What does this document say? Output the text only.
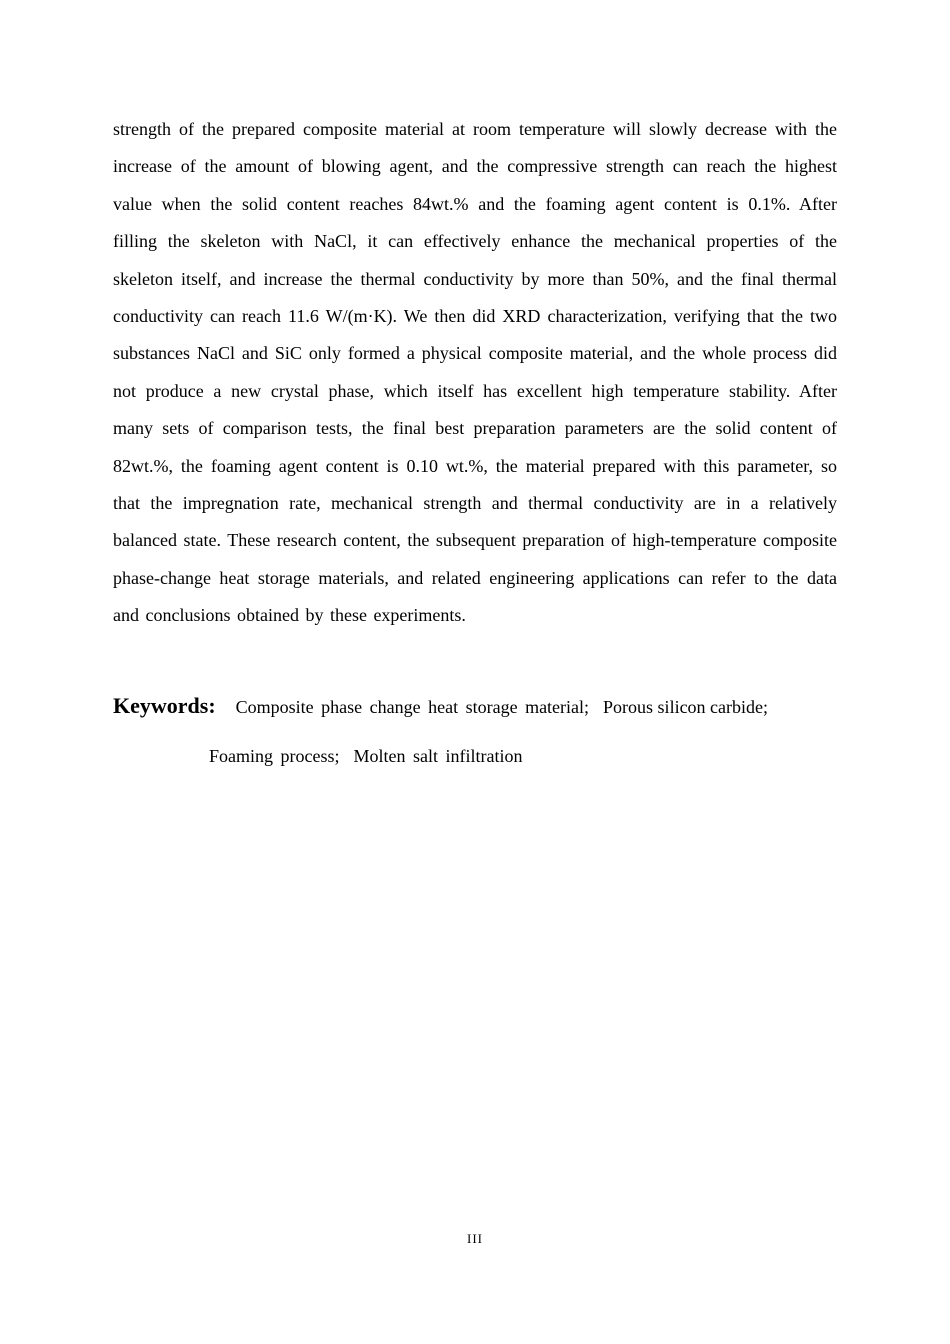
strength of the prepared composite material at room temperature will slowly decrease with the increase of the amount of blowing agent, and the compressive strength can reach the highest value when the solid content reaches 84wt.% and the foaming agent content is 0.1%. After filling the skeleton with NaCl, it can effectively enhance the mechanical properties of the skeleton itself, and increase the thermal conductivity by more than 50%, and the final thermal conductivity can reach 11.6 W/(m·K). We then did XRD characterization, verifying that the two substances NaCl and SiC only formed a physical composite material, and the whole process did not produce a new crystal phase, which itself has excellent high temperature stability. After many sets of comparison tests, the final best preparation parameters are the solid content of 82wt.%, the foaming agent content is 0.10 wt.%, the material prepared with this parameter, so that the impregnation rate, mechanical strength and thermal conductivity are in a relatively balanced state. These research content, the subsequent preparation of high-temperature composite phase-change heat storage materials, and related engineering applications can refer to the data and conclusions obtained by these experiments.

Keywords: Composite phase change heat storage material; Porous silicon carbide;
Foaming process; Molten salt infiltration
III
